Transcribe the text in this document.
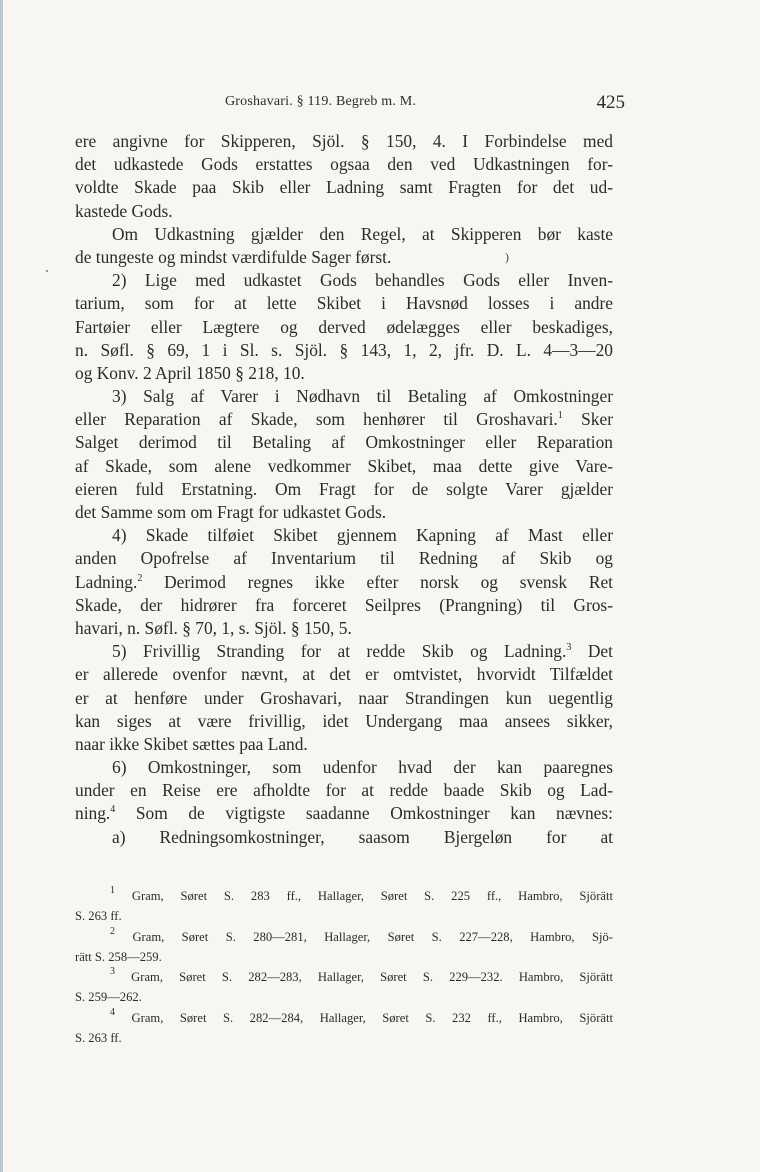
Groshavari. § 119. Begreb m. M.	425
)
ere angivne for Skipperen, Sjöl. § 150, 4. I Forbindelse med
det udkastede Gods erstattes ogsaa den ved Udkastningen for-
voldte Skade paa Skib eller Ladning samt Fragten for det ud-
kastede Gods.
Om Udkastning gjælder den Regel, at Skipperen bør kaste
de tungeste og mindst værdifulde Sager først.
2) Lige med udkastet Gods behandles Gods eller Inven-
tarium, som for at lette Skibet i Havsnød losses i andre
Fartøier eller Lægtere og derved ødelægges eller beskadiges,
n. Søfl. § 69, 1 i Sl. s. Sjöl. § 143, 1, 2, jfr. D. L. 4—3—20
og Konv. 2 April 1850 § 218, 10.
3) Salg af Varer i Nødhavn til Betaling af Omkostninger
eller Reparation af Skade, som henhører til Groshavari.$^1$ Sker
Salget derimod til Betaling af Omkostninger eller Reparation
af Skade, som alene vedkommer Skibet, maa dette give Vare-
eieren fuld Erstatning. Om Fragt for de solgte Varer gjælder
det Samme som om Fragt for udkastet Gods.
4) Skade tilføiet Skibet gjennem Kapning af Mast eller
anden Opofrelse af Inventarium til Redning af Skib og
Ladning.$^2$ Derimod regnes ikke efter norsk og svensk Ret
Skade, der hidrører fra forceret Seilpres (Prangning) til Gros-
havari, n. Søfl. § 70, 1, s. Sjöl. § 150, 5.
5) Frivillig Stranding for at redde Skib og Ladning.$^3$ Det
er allerede ovenfor nævnt, at det er omtvistet, hvorvidt Tilfældet
er at henføre under Groshavari, naar Strandingen kun uegentlig
kan siges at være frivillig, idet Undergang maa ansees sikker,
naar ikke Skibet sættes paa Land.
6) Omkostninger, som udenfor hvad der kan paaregnes
under en Reise ere afholdte for at redde baade Skib og Lad-
ning.$^4$ Som de vigtigste saadanne Omkostninger kan nævnes:
a) Redningsomkostninger, saasom Bjergeløn for at
$^1$ Gram, Søret S. 283 ff., Hallager, Søret S. 225 ff., Hambro, Sjörätt
S. 263 ff.
$^2$ Gram, Søret S. 280—281, Hallager, Søret S. 227—228, Hambro, Sjö-
rätt S. 258—259.
$^3$ Gram, Søret S. 282—283, Hallager, Søret S. 229—232. Hambro, Sjörätt
S. 259—262.
$^4$ Gram, Søret S. 282—284, Hallager, Søret S. 232 ff., Hambro, Sjörätt
S. 263 ff.
